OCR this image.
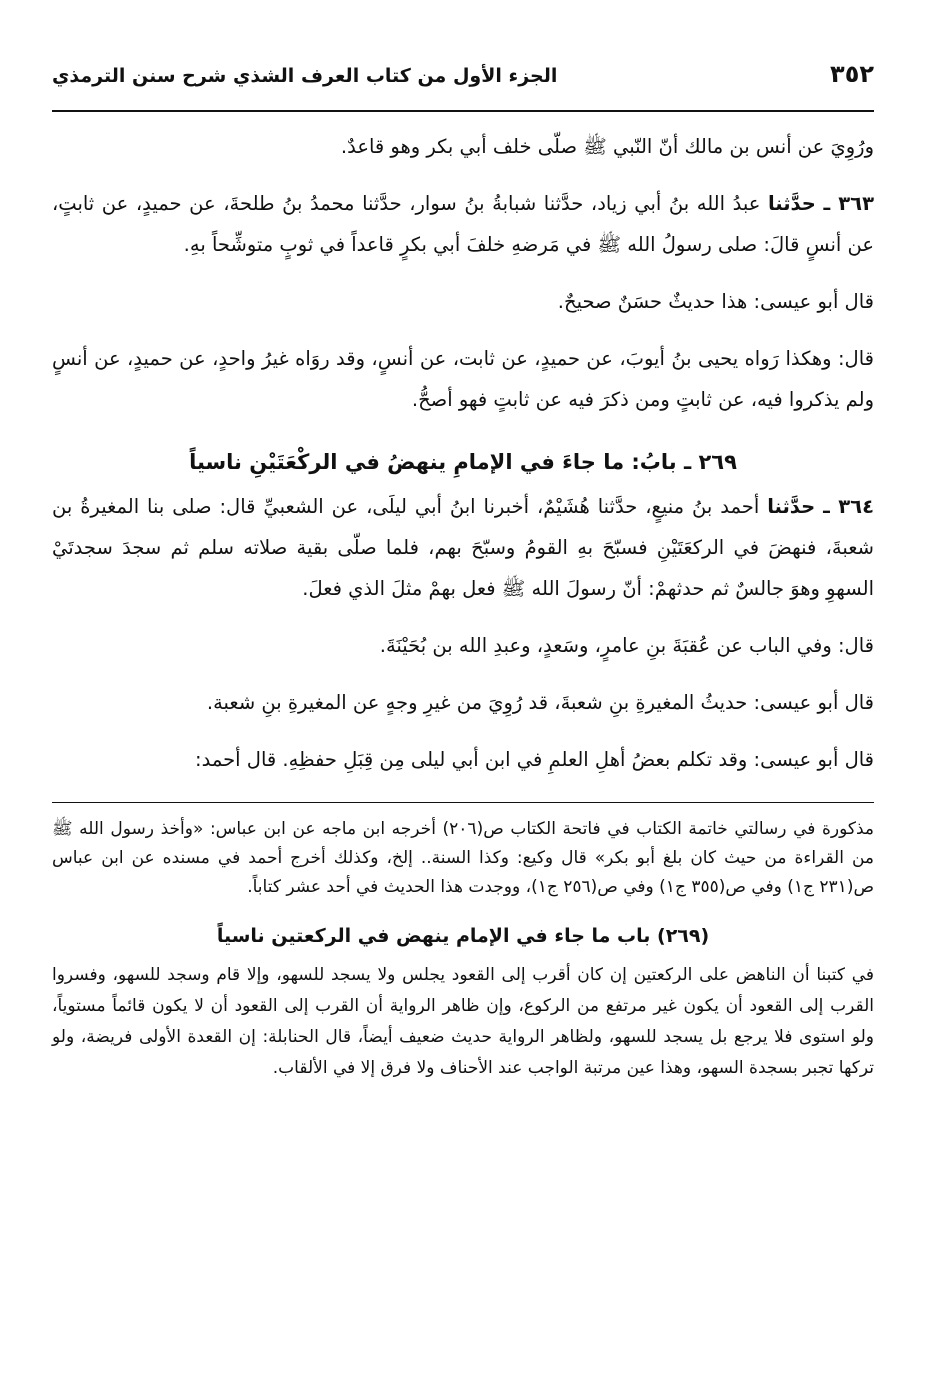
٣٥٢
الجزء الأول من كتاب العرف الشذي شرح سنن الترمذي

ورُوِيَ عن أنس بن مالك أنّ النّبي ﷺ صلّى خلف أبي بكر وهو قاعدٌ.

٣٦٣ ـ حدَّثنا عبدُ الله بنُ أبي زياد، حدَّثنا شبابةُ بنُ سوار، حدَّثنا محمدُ بنُ طلحةَ، عن حميدٍ، عن ثابتٍ، عن أنسٍ قالَ: صلى رسولُ الله ﷺ في مَرضهِ خلفَ أبي بكرٍ قاعداً في ثوبٍ متوشِّحاً بهِ.

قال أبو عيسى: هذا حديثٌ حسَنٌ صحيحٌ.

قال: وهكذا رَواه يحيى بنُ أيوبَ، عن حميدٍ، عن ثابت، عن أنسٍ، وقد روَاه غيرُ واحدٍ، عن حميدٍ، عن أنسٍ ولم يذكروا فيه، عن ثابتٍ ومن ذكرَ فيه عن ثابتٍ فهو أصحُّ.

٢٦٩ ـ بابُ: ما جاءَ في الإمامِ ينهضُ في الركْعَتَيْنِ ناسياً

٣٦٤ ـ حدَّثنا أحمد بنُ منيعٍ، حدَّثنا هُشَيْمٌ، أخبرنا ابنُ أبي ليلَى، عن الشعبيِّ قال: صلى بنا المغيرةُ بن شعبةَ، فنهضَ في الركعَتَيْنِ فسبّحَ بهِ القومُ وسبّحَ بهم، فلما صلّى بقية صلاته سلم ثم سجدَ سجدتَيْ السهوِ وهوَ جالسٌ ثم حدثهمْ: أنّ رسولَ الله ﷺ فعل بهمْ مثلَ الذي فعلَ.

قال: وفي الباب عن عُقبَةَ بنِ عامرٍ، وسَعدٍ، وعبدِ الله بن بُحَيْنَةَ.

قال أبو عيسى: حديثُ المغيرةِ بنِ شعبةَ، قد رُوِيَ من غيرِ وجهٍ عن المغيرةِ بنِ شعبة.

قال أبو عيسى: وقد تكلم بعضُ أهلِ العلمِ في ابن أبي ليلى مِن قِبَلِ حفظِهِ. قال أحمد:

مذكورة في رسالتي خاتمة الكتاب في فاتحة الكتاب ص(٢٠٦) أخرجه ابن ماجه عن ابن عباس: «وأخذ رسول الله ﷺ من القراءة من حيث كان بلغ أبو بكر» قال وكيع: وكذا السنة.. إلخ، وكذلك أخرج أحمد في مسنده عن ابن عباس ص(٢٣١ ج١) وفي ص(٣٥٥ ج١) وفي ص(٢٥٦ ج١)، ووجدت هذا الحديث في أحد عشر كتاباً.

(٢٦٩) باب ما جاء في الإمام ينهض في الركعتين ناسياً

في كتبنا أن الناهض على الركعتين إن كان أقرب إلى القعود يجلس ولا يسجد للسهو، وإلا قام وسجد للسهو، وفسروا القرب إلى القعود أن يكون غير مرتفع من الركوع، وإن ظاهر الرواية أن القرب إلى القعود أن لا يكون قائماً مستوياً، ولو استوى فلا يرجع بل يسجد للسهو، ولظاهر الرواية حديث ضعيف أيضاً، قال الحنابلة: إن القعدة الأولى فريضة، ولو تركها تجبر بسجدة السهو، وهذا عين مرتبة الواجب عند الأحناف ولا فرق إلا في الألقاب.
